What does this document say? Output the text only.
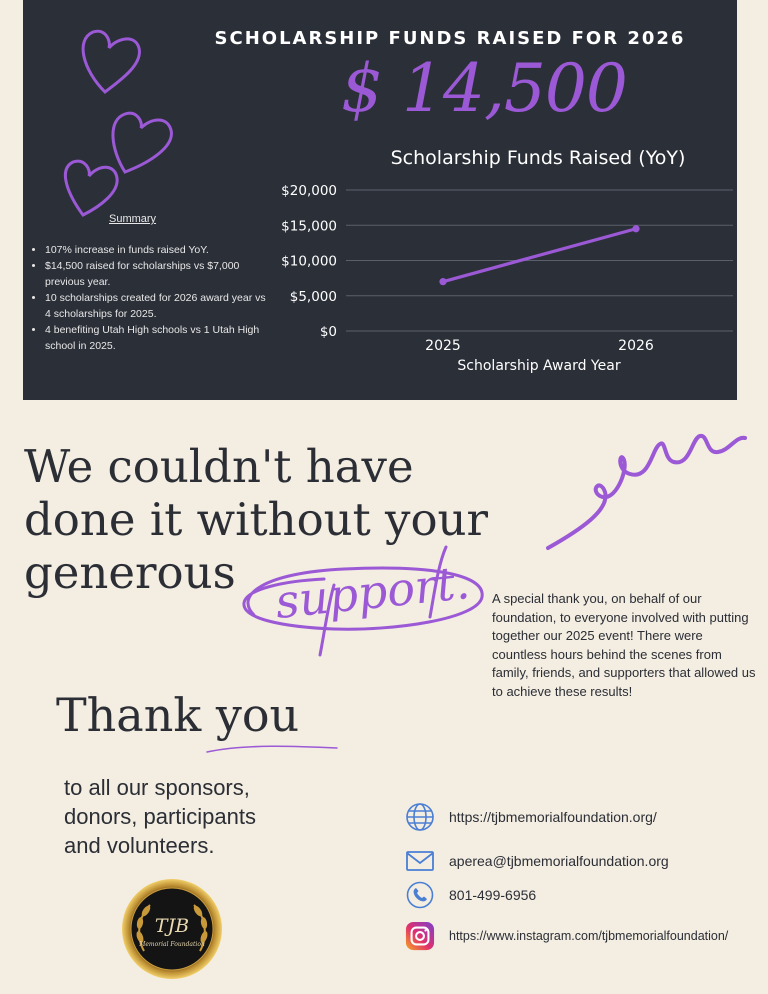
SCHOLARSHIP FUNDS RAISED FOR 2026
$ 14,500
Summary
• 107% increase in funds raised YoY.
• $14,500 raised for scholarships vs $7,000 previous year.
• 10 scholarships created for 2026 award year vs 4 scholarships for 2025.
• 4 benefiting Utah High schools vs 1 Utah High school in 2025.
Scholarship Funds Raised (YoY)
$0
$5,000
$10,000
$15,000
$20,000
2025	2026
Scholarship Award Year
We couldn't have
done it without your
generous support. A special thank you, on behalf of our foundation, to everyone involved with putting together our 2025 event! There were countless hours behind the scenes from family, friends, and supporters that allowed us to achieve these results!
Thank you
to all our sponsors,
donors, participants
and volunteers.
TJB
Memorial Foundation
https://tjbmemorialfoundation.org/
aperea@tjbmemorialfoundation.org
801-499-6956
https://www.instagram.com/tjbmemorialfoundation/
